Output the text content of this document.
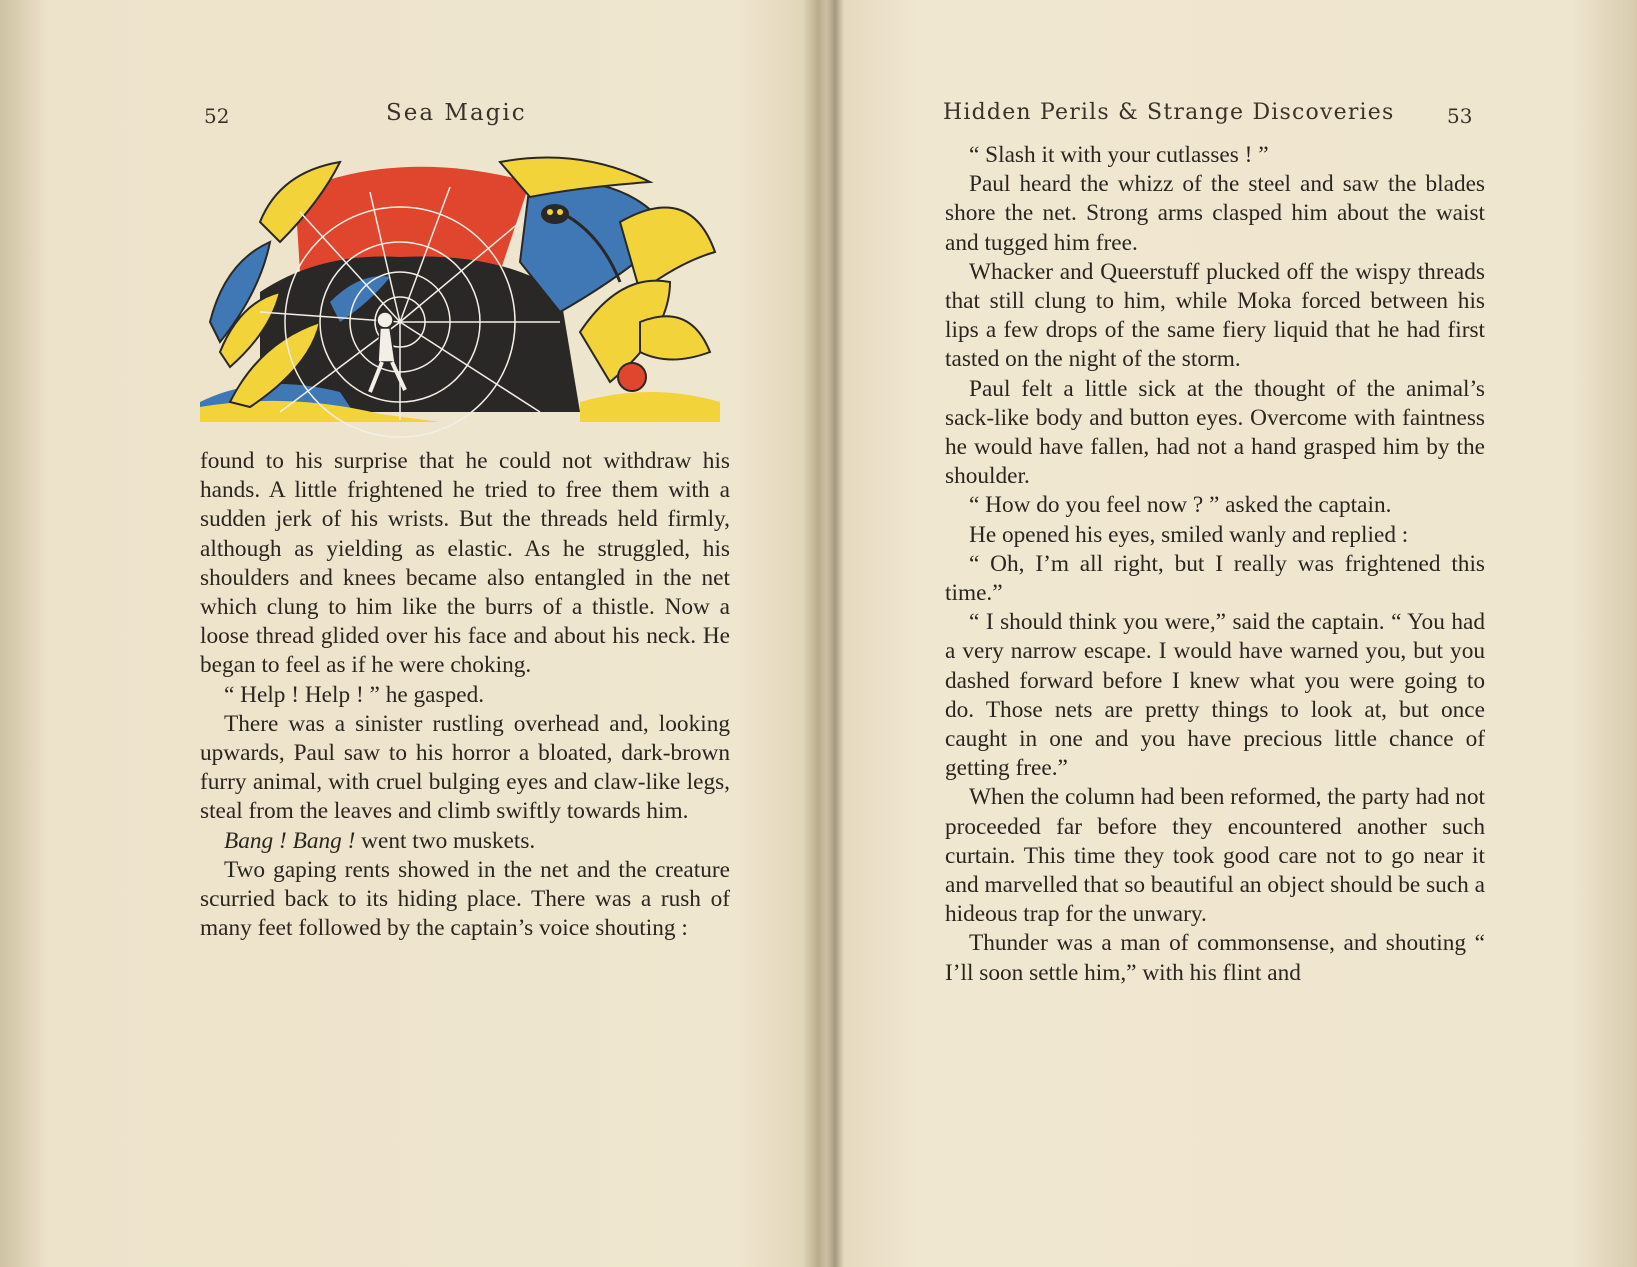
52	Sea Magic

found to his surprise that he could not withdraw his hands. A little frightened he tried to free them with a sudden jerk of his wrists. But the threads held firmly, although as yielding as elastic. As he struggled, his shoulders and knees became also entangled in the net which clung to him like the burrs of a thistle. Now a loose thread glided over his face and about his neck. He began to feel as if he were choking.

“ Help ! Help ! ” he gasped.

There was a sinister rustling overhead and, looking upwards, Paul saw to his horror a bloated, dark-brown furry animal, with cruel bulging eyes and claw-like legs, steal from the leaves and climb swiftly towards him.

Bang ! Bang ! went two muskets.

Two gaping rents showed in the net and the creature scurried back to its hiding place. There was a rush of many feet followed by the captain’s voice shouting :

Hidden Perils & Strange Discoveries	53

“ Slash it with your cutlasses ! ”

Paul heard the whizz of the steel and saw the blades shore the net. Strong arms clasped him about the waist and tugged him free.

Whacker and Queerstuff plucked off the wispy threads that still clung to him, while Moka forced between his lips a few drops of the same fiery liquid that he had first tasted on the night of the storm.

Paul felt a little sick at the thought of the animal’s sack-like body and button eyes. Overcome with faintness he would have fallen, had not a hand grasped him by the shoulder.

“ How do you feel now ? ” asked the captain.

He opened his eyes, smiled wanly and replied :

“ Oh, I’m all right, but I really was frightened this time.”

“ I should think you were,” said the captain. “ You had a very narrow escape. I would have warned you, but you dashed forward before I knew what you were going to do. Those nets are pretty things to look at, but once caught in one and you have precious little chance of getting free.”

When the column had been reformed, the party had not proceeded far before they encountered another such curtain. This time they took good care not to go near it and marvelled that so beautiful an object should be such a hideous trap for the unwary.

Thunder was a man of commonsense, and shouting “ I’ll soon settle him,” with his flint and
